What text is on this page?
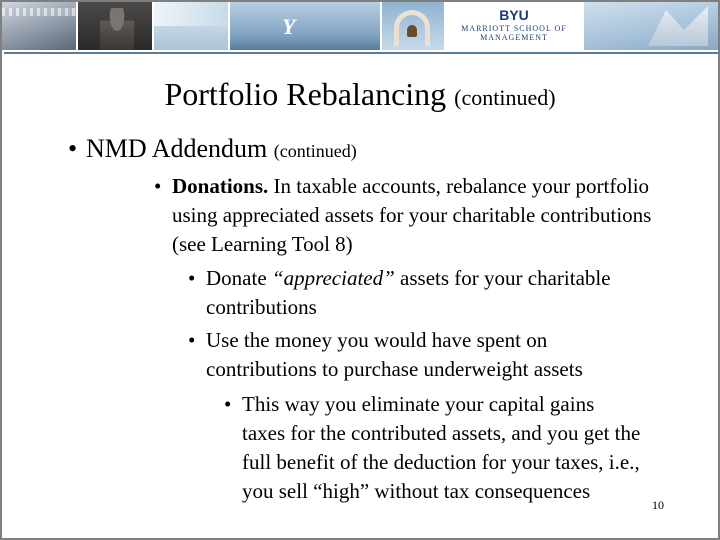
Y	BYU
MARRIOTT SCHOOL OF MANAGEMENT
Portfolio Rebalancing (continued)
• NMD Addendum (continued)
• Donations. In taxable accounts, rebalance your portfolio using appreciated assets for your charitable contributions (see Learning Tool 8)
• Donate “appreciated” assets for your charitable contributions
• Use the money you would have spent on contributions to purchase underweight assets
• This way you eliminate your capital gains taxes for the contributed assets, and you get the full benefit of the deduction for your taxes, i.e., you sell “high” without tax consequences
10
